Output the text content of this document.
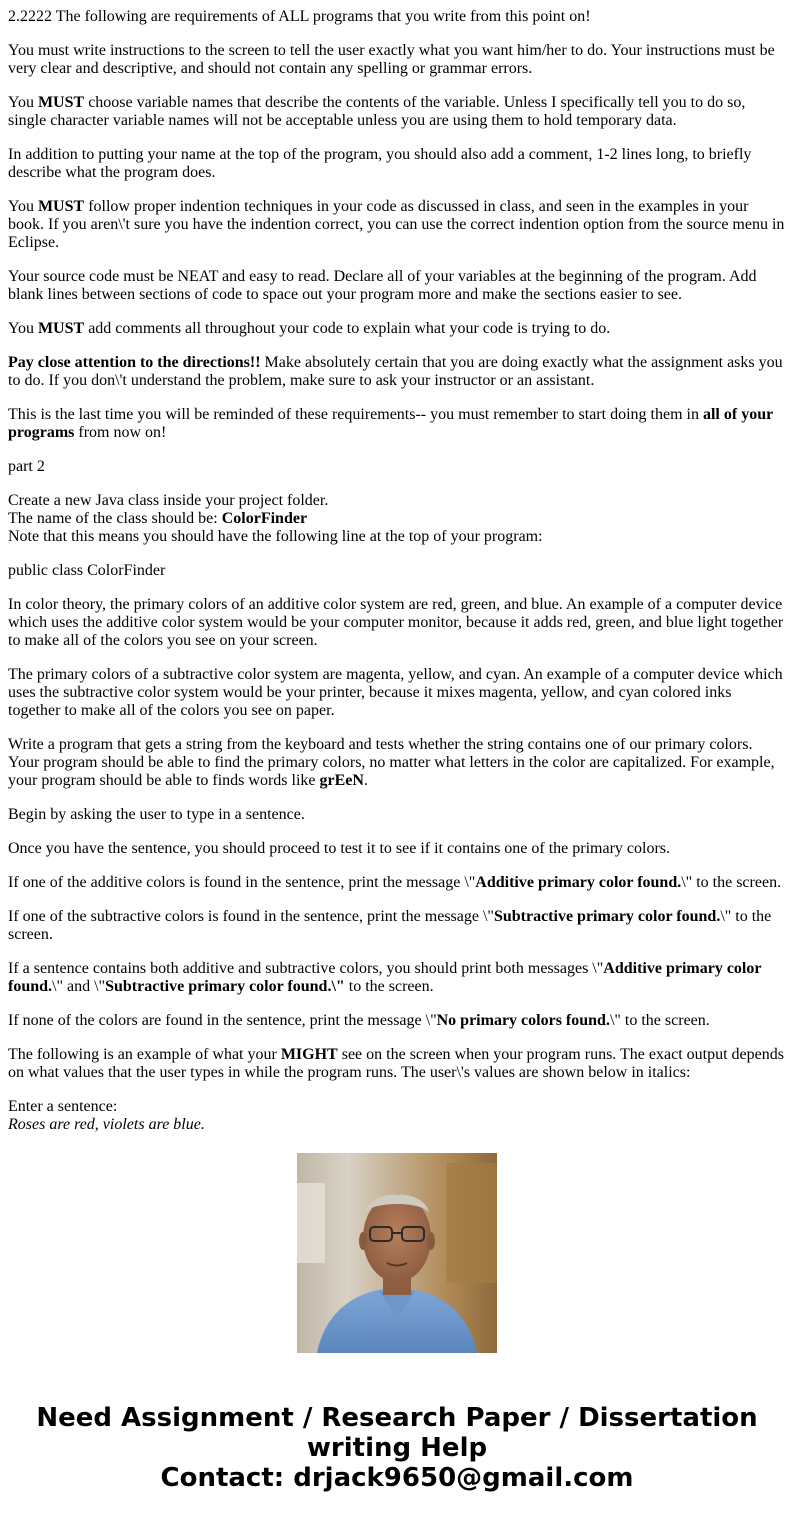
2.2222 The following are requirements of ALL programs that you write from this point on!

You must write instructions to the screen to tell the user exactly what you want him/her to do. Your instructions must be very clear and descriptive, and should not contain any spelling or grammar errors.

You MUST choose variable names that describe the contents of the variable. Unless I specifically tell you to do so, single character variable names will not be acceptable unless you are using them to hold temporary data.

In addition to putting your name at the top of the program, you should also add a comment, 1-2 lines long, to briefly describe what the program does.

You MUST follow proper indention techniques in your code as discussed in class, and seen in the examples in your book. If you aren\'t sure you have the indention correct, you can use the correct indention option from the source menu in Eclipse.

Your source code must be NEAT and easy to read. Declare all of your variables at the beginning of the program. Add blank lines between sections of code to space out your program more and make the sections easier to see.

You MUST add comments all throughout your code to explain what your code is trying to do.

Pay close attention to the directions!! Make absolutely certain that you are doing exactly what the assignment asks you to do. If you don\'t understand the problem, make sure to ask your instructor or an assistant.

This is the last time you will be reminded of these requirements-- you must remember to start doing them in all of your programs from now on!

part 2

Create a new Java class inside your project folder.
The name of the class should be: ColorFinder
Note that this means you should have the following line at the top of your program:

public class ColorFinder

In color theory, the primary colors of an additive color system are red, green, and blue. An example of a computer device which uses the additive color system would be your computer monitor, because it adds red, green, and blue light together to make all of the colors you see on your screen.

The primary colors of a subtractive color system are magenta, yellow, and cyan. An example of a computer device which uses the subtractive color system would be your printer, because it mixes magenta, yellow, and cyan colored inks together to make all of the colors you see on paper.

Write a program that gets a string from the keyboard and tests whether the string contains one of our primary colors. Your program should be able to find the primary colors, no matter what letters in the color are capitalized. For example, your program should be able to finds words like grEeN.

Begin by asking the user to type in a sentence.

Once you have the sentence, you should proceed to test it to see if it contains one of the primary colors.

If one of the additive colors is found in the sentence, print the message \"Additive primary color found.\" to the screen.

If one of the subtractive colors is found in the sentence, print the message \"Subtractive primary color found.\" to the screen.

If a sentence contains both additive and subtractive colors, you should print both messages \"Additive primary color found.\" and \"Subtractive primary color found.\" to the screen.

If none of the colors are found in the sentence, print the message \"No primary colors found.\" to the screen.

The following is an example of what your MIGHT see on the screen when your program runs. The exact output depends on what values that the user types in while the program runs. The user\'s values are shown below in italics:

Enter a sentence:
Roses are red, violets are blue.

Need Assignment / Research Paper / Dissertation
writing Help
Contact: drjack9650@gmail.com
